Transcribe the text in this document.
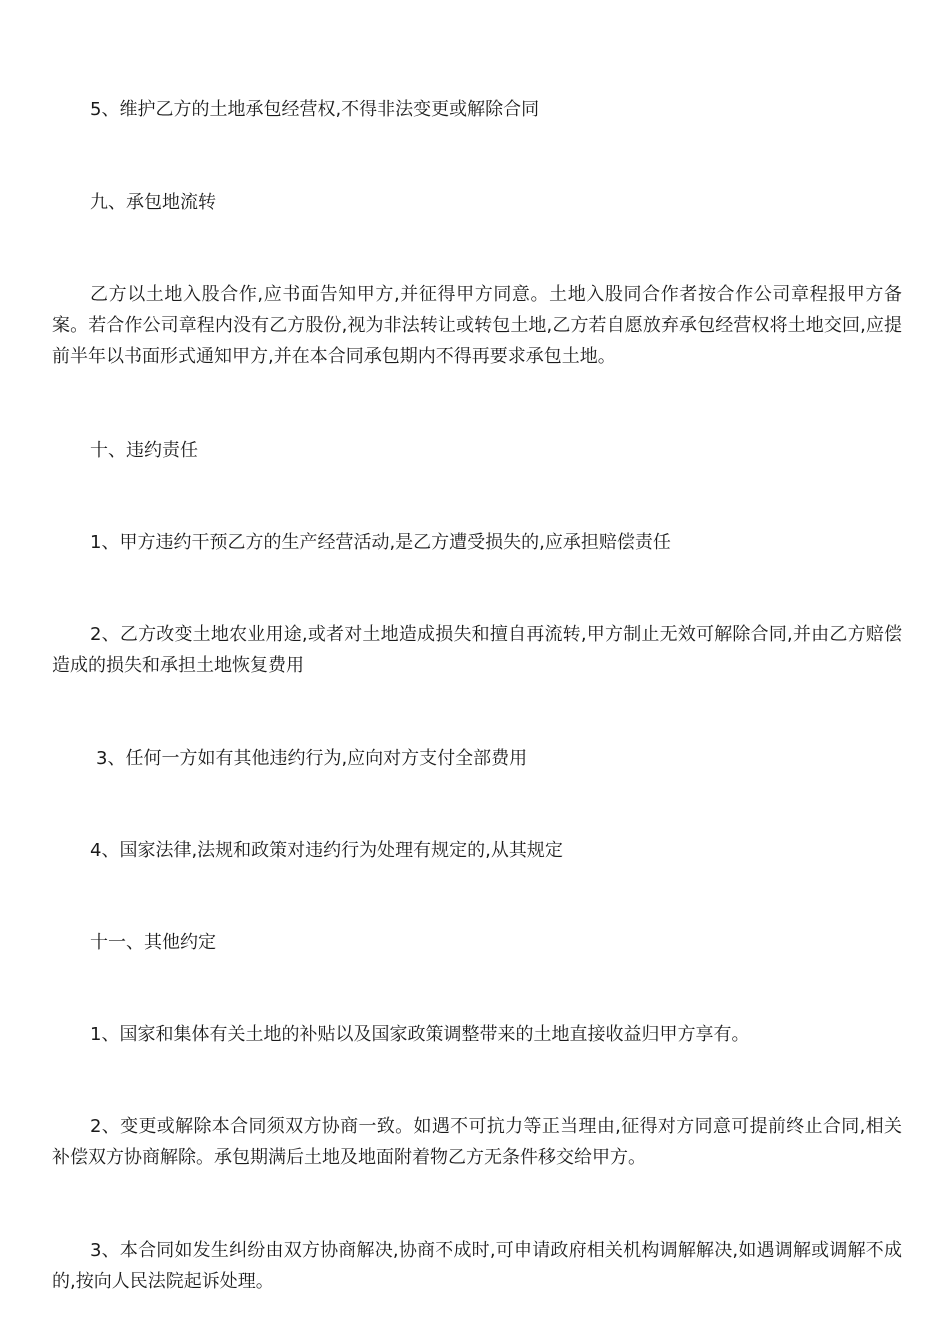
5、维护乙方的土地承包经营权,不得非法变更或解除合同

九、承包地流转

乙方以土地入股合作,应书面告知甲方,并征得甲方同意。土地入股同合作者按合作公司章程报甲方备案。若合作公司章程内没有乙方股份,视为非法转让或转包土地,乙方若自愿放弃承包经营权将土地交回,应提前半年以书面形式通知甲方,并在本合同承包期内不得再要求承包土地。

十、违约责任

1、甲方违约干预乙方的生产经营活动,是乙方遭受损失的,应承担赔偿责任

2、乙方改变土地农业用途,或者对土地造成损失和擅自再流转,甲方制止无效可解除合同,并由乙方赔偿造成的损失和承担土地恢复费用

3、任何一方如有其他违约行为,应向对方支付全部费用

4、国家法律,法规和政策对违约行为处理有规定的,从其规定

十一、其他约定

1、国家和集体有关土地的补贴以及国家政策调整带来的土地直接收益归甲方享有。

2、变更或解除本合同须双方协商一致。如遇不可抗力等正当理由,征得对方同意可提前终止合同,相关补偿双方协商解除。承包期满后土地及地面附着物乙方无条件移交给甲方。

3、本合同如发生纠纷由双方协商解决,协商不成时,可申请政府相关机构调解解决,如遇调解或调解不成的,按向人民法院起诉处理。
